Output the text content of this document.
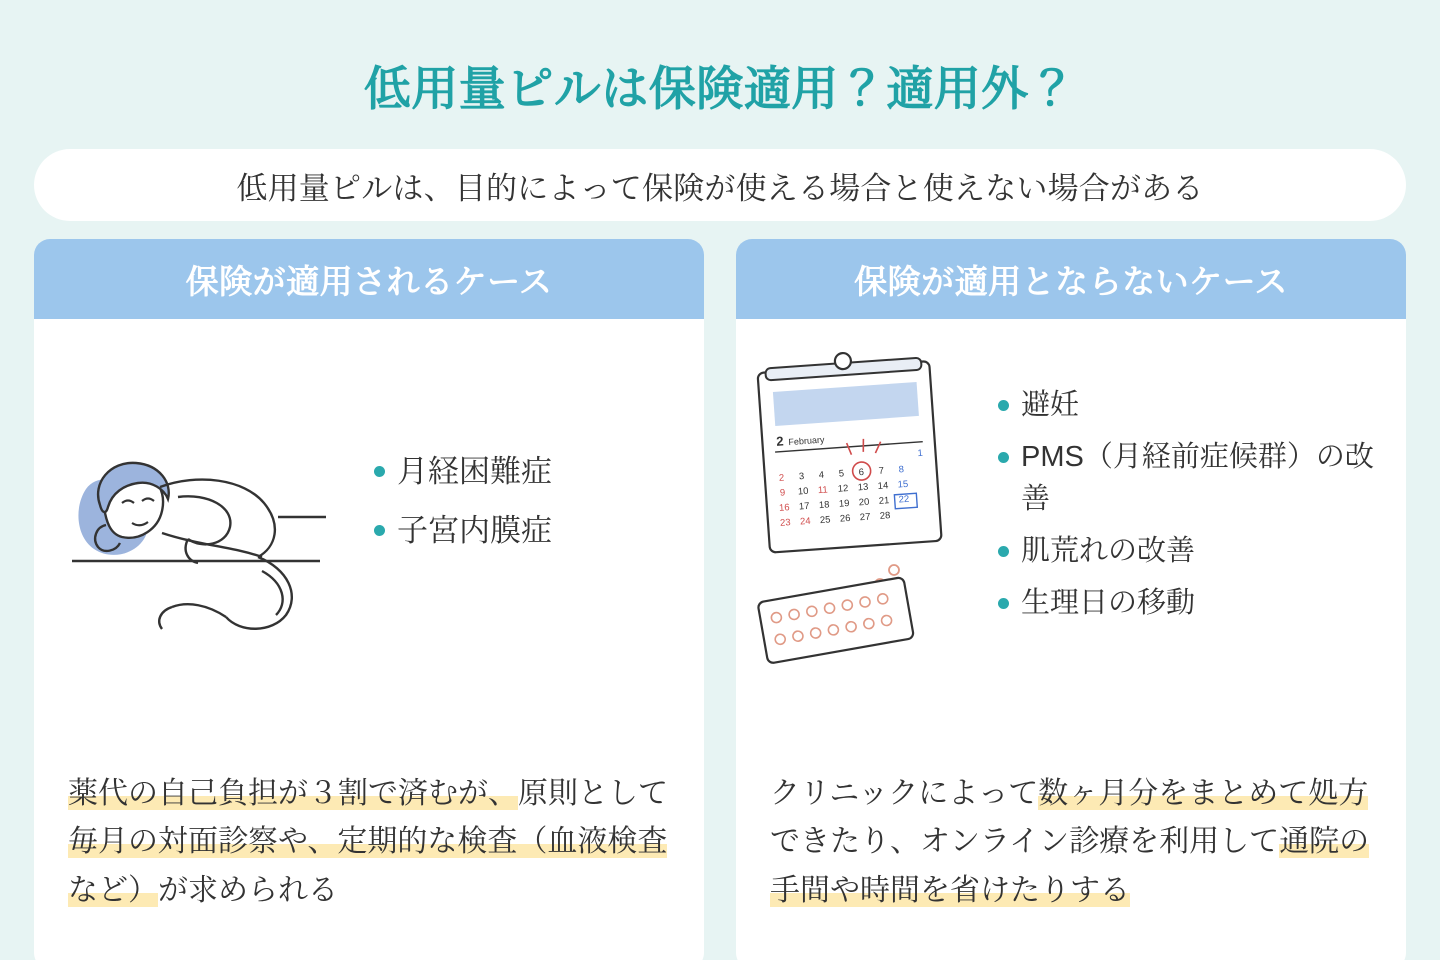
低用量ピルは保険適用？適用外？
低用量ピルは、目的によって保険が使える場合と使えない場合がある
保険が適用されるケース
月経困難症
子宮内膜症

薬代の自己負担が３割で済むが、原則として毎月の対面診察や、定期的な検査（血液検査など）が求められる

保険が適用とならないケース
2 February
1
2 3 4 5 6 7 8
9 10 11 12 13 14 15
16 17 18 19 20 21 22
23 24 25 26 27 28
避妊
PMS（月経前症候群）の改善
肌荒れの改善
生理日の移動

クリニックによって数ヶ月分をまとめて処方できたり、オンライン診療を利用して通院の手間や時間を省けたりする
